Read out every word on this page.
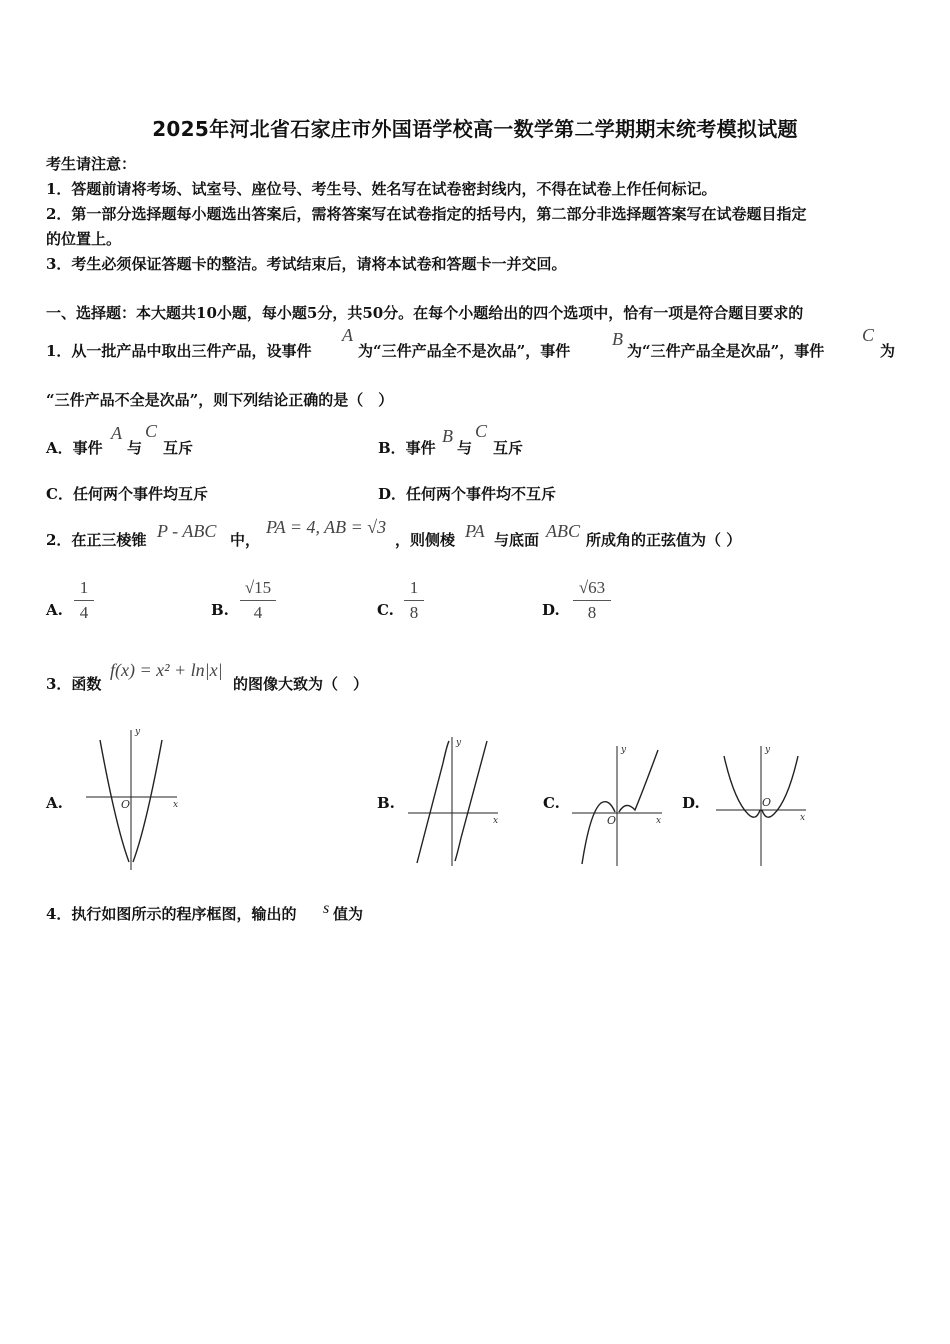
2025年河北省石家庄市外国语学校高一数学第二学期期末统考模拟试题
考生请注意：
1．答题前请将考场、试室号、座位号、考生号、姓名写在试卷密封线内，不得在试卷上作任何标记。
2．第一部分选择题每小题选出答案后，需将答案写在试卷指定的括号内，第二部分非选择题答案写在试卷题目指定
的位置上。
3．考生必须保证答题卡的整洁。考试结束后，请将本试卷和答题卡一并交回。
一、选择题：本大题共10小题，每小题5分，共50分。在每个小题给出的四个选项中，恰有一项是符合题目要求的
1．从一批产品中取出三件产品，设事件
A
为“三件产品全不是次品”，事件
B
为“三件产品全是次品”，事件
C
为
“三件产品不全是次品”，则下列结论正确的是（　）
A．事件
A
与
C
互斥	B．事件
B
与
C
互斥
C．任何两个事件均互斥	D．任何两个事件均不互斥
2．在正三棱锥 P - ABC 中，
PA = 4, AB = √3
，则侧棱 PA 与底面 ABC 所成角的正弦值为（ ）
A.
1
4	B.
√15
4	C.
1
8	D.
√63
8
3．函数
f(x) = x² + ln|x|
的图像大致为（　）
A.	B.	C.	D.
y
x
O
y
x
y
x
O
y
x
O
4．执行如图所示的程序框图，输出的 s 值为
